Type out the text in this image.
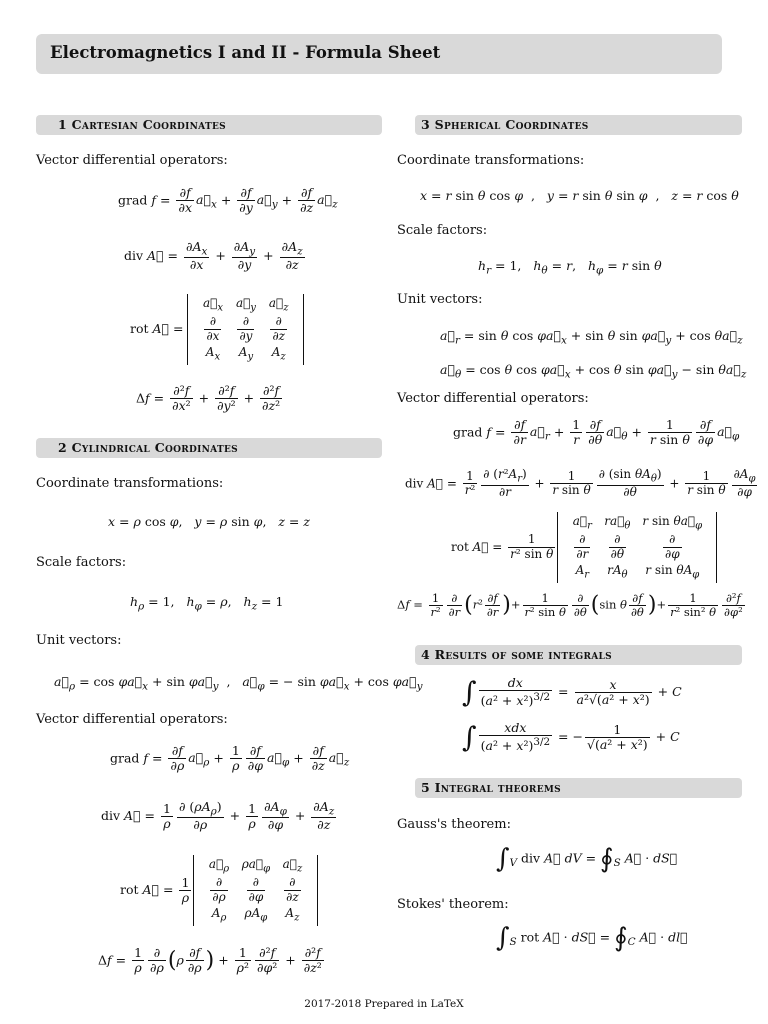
Electromagnetics I and II - Formula Sheet
1 Cartesian Coordinates
Vector differential operators:
grad $f = \frac{\partial f}{\partial x}$ $a⃗_x + \frac{\partial f}{\partial y}$ $a⃗_y + \frac{\partial f}{\partial z}$ $a⃗_z$
div A⃗ = $\frac{\partial A_x}{\partial x} + \frac{\partial A_y}{\partial y} + \frac{\partial A_z}{\partial z}$
rot A⃗ =
$a⃗_x$	$a⃗_y$	$a⃗_z$

$\frac{\partial}{\partial x}$	$\frac{\partial}{\partial y}$	$\frac{\partial}{\partial z}$

$A_x$	$A_y$	$A_z$
$\Delta f = \frac{\text{∂²f}}{\text{∂x²}} + \frac{\text{∂²f}}{\text{∂y²}} + \frac{\text{∂²f}}{\text{∂z²}}$
2 Cylindrical Coordinates
Coordinate transformations:
x = ρ cos φ,   y = ρ sin φ,   z = z
Scale factors:
$h_\rho = 1$,   $h_\varphi = \rho$,   $h_z = 1$
Unit vectors:
$a⃗_\rho = \cos$ $\varphi a⃗_x + \sin$ $\varphi a⃗_y$  ,   $a⃗_\varphi$ = − $\sin \varphi a⃗_x + \cos$ $\varphi a⃗_y$
Vector differential operators:
grad $f = \frac{\partial f}{\partial\rho}$ $a⃗_\rho + \frac{1}{\rho} \frac{\partial f}{\partial\varphi}$ $a⃗_\varphi + \frac{\partial f}{\partial z}$ $a⃗_z$
div A⃗ = $\frac{1}{\rho} \frac{\partial (\rho A_\rho)}{\partial\rho} + \frac{1}{\rho} \frac{\partial A_\varphi}{\partial\varphi} + \frac{\partial A_z}{\partial z}$
rot A⃗ = $\frac{1}{\rho}$
$a⃗_\rho$	$\rho a⃗_\varphi$	$a⃗_z$

$\frac{\partial}{\partial\rho}$	$\frac{\partial}{\partial\varphi}$	$\frac{\partial}{\partial z}$

$A_\rho$	$\rho A_\varphi$	$A_z$
$\Delta f = \frac{1}{\rho} \frac{\partial}{\partial\rho} (\rho \frac{\partial f}{\partial\rho}$ ) + $\frac{1}{\text{ρ²}} \frac{\text{∂²f}}{\text{∂φ²}} + \frac{\text{∂²f}}{\text{∂z²}}$
3 Spherical Coordinates
Coordinate transformations:
x = r sin θ cos φ  ,   y = r sin θ sin φ  ,   z = r cos θ
Scale factors:
$h_r = 1$,   $h_\theta = r$,   $h_\varphi = r$ sin θ
Unit vectors:
$a⃗_r = \sin \theta$ $\cos \varphi a⃗_x + \sin \theta$ $\sin \varphi a⃗_y + \cos$ $\theta a⃗_z$
$a⃗_\theta = \cos \theta$ $\cos \varphi a⃗_x + \cos \theta$ $\sin \varphi a⃗_y - \sin$ $\theta a⃗_z$
Vector differential operators:
grad $f = \frac{\partial f}{\partial r}$ $a⃗_r + \frac{1}{r} \frac{\partial f}{\partial\theta}$ $a⃗_\theta + \frac{1}{\text{r sin θ}} \frac{\partial f}{\partial\varphi}$ $a⃗_\varphi$
div A⃗ = $\frac{1}{\text{r²}} \frac{\partial (r^2A_r)}{\partial r} + \frac{1}{\text{r sin θ}} \frac{\partial (\sin \theta A_\theta)}{\partial\theta} + \frac{1}{\text{r sin θ}} \frac{\partial A_\varphi}{\partial\varphi}$
rot A⃗ = $\frac{1}{\text{r² sin θ}}$
$a⃗_r$	$ra⃗_\theta$	r $\sin \theta a⃗_\varphi$

$\frac{\partial}{\partial r}$	$\frac{\partial}{\partial\theta}$	$\frac{\partial}{\partial\varphi}$

$A_r$	$rA_\theta$	r $\sin \theta A_\varphi$
$\Delta f = \frac{1}{\text{r²}} \frac{\partial}{\partial r} (r^2 \frac{\partial f}{\partial r}$ )+ $\frac{1}{\text{r² sin θ}} \frac{\partial}{\partial\theta} (\sin$ θ $\frac{\partial f}{\partial\theta}$ )+ $\frac{1}{\text{r² sin² θ}} \frac{\text{∂²f}}{\text{∂φ²}}$
4 Results of some integrals
∫ $\frac{dx}{(a^2 + x^2)^{3/2}} = \frac{x}{\text{a²√(a² + x²)}} + C$
∫ $\frac{\text{xdx}}{(a^2 + x^2)^{3/2}}$ = − $\frac{1}{\text{√(a² + x²)}} + C$
5 Integral theorems
Gauss's theorem:
$\int_V$ div A⃗ dV = $∮_S$ A⃗ · dS⃗
Stokes' theorem:
$\int_S$ rot A⃗ · dS⃗ = $∮_C$ A⃗ · dl⃗
2017-2018 Prepared in LaTeX
